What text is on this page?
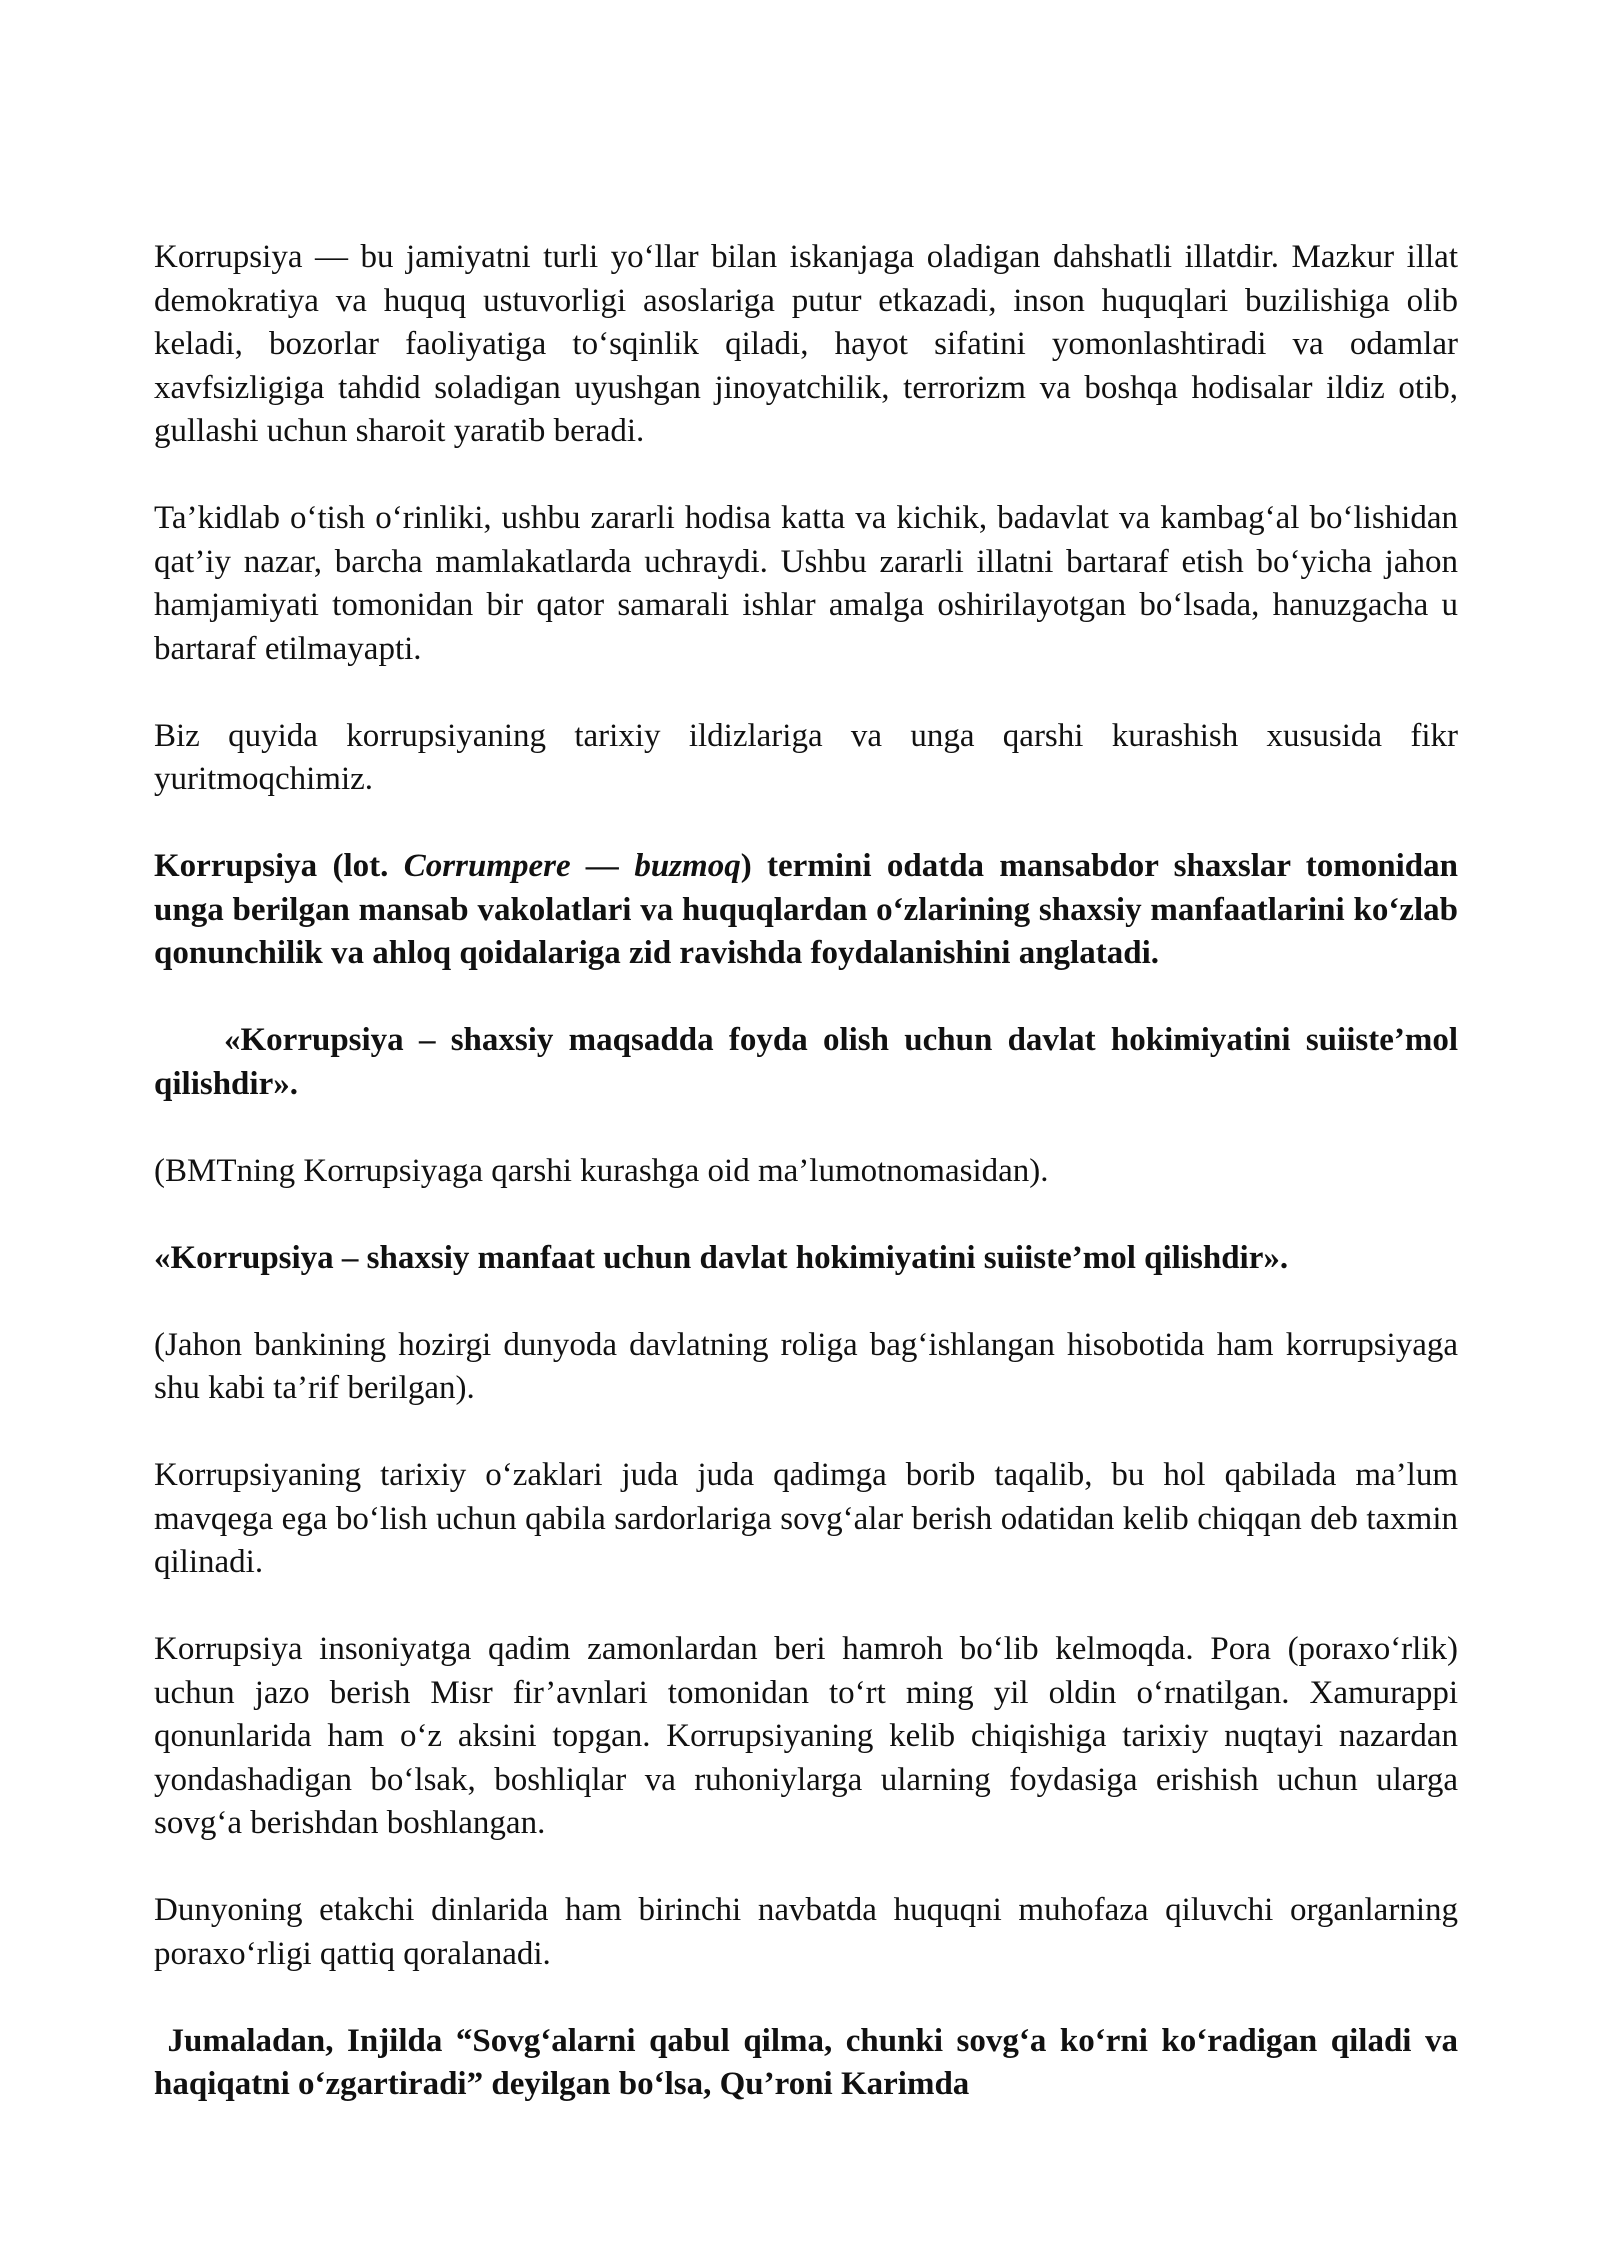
Korrupsiya — bu jamiyatni turli yo‘llar bilan iskanjaga oladigan dahshatli illatdir. Mazkur illat demokratiya va huquq ustuvorligi asoslariga putur etkazadi, inson huquqlari buzilishiga olib keladi, bozorlar faoliyatiga to‘sqinlik qiladi, hayot sifatini yomonlashtiradi va odamlar xavfsizligiga tahdid soladigan uyushgan jinoyatchilik, terrorizm va boshqa hodisalar ildiz otib, gullashi uchun sharoit yaratib beradi.

Ta’kidlab o‘tish o‘rinliki, ushbu zararli hodisa katta va kichik, badavlat va kambag‘al bo‘lishidan qat’iy nazar, barcha mamlakatlarda uchraydi. Ushbu zararli illatni bartaraf etish bo‘yicha jahon hamjamiyati tomonidan bir qator samarali ishlar amalga oshirilayotgan bo‘lsada, hanuzgacha u bartaraf etilmayapti.

Biz quyida korrupsiyaning tarixiy ildizlariga va unga qarshi kurashish xususida fikr yuritmoqchimiz.

Korrupsiya (lot. Corrumpere — buzmoq) termini odatda mansabdor shaxslar tomonidan unga berilgan mansab vakolatlari va huquqlardan o‘zlarining shaxsiy manfaatlarini ko‘zlab qonunchilik va ahloq qoidalariga zid ravishda foydalanishini anglatadi.

«Korrupsiya – shaxsiy maqsadda foyda olish uchun davlat hokimiyatini suiiste’mol qilishdir».

(BMTning Korrupsiyaga qarshi kurashga oid ma’lumotnomasidan).

«Korrupsiya – shaxsiy manfaat uchun davlat hokimiyatini suiiste’mol qilishdir».

(Jahon bankining hozirgi dunyoda davlatning roliga bag‘ishlangan hisobotida ham korrupsiyaga shu kabi ta’rif berilgan).

Korrupsiyaning tarixiy o‘zaklari juda juda qadimga borib taqalib, bu hol qabilada ma’lum mavqega ega bo‘lish uchun qabila sardorlariga sovg‘alar berish odatidan kelib chiqqan deb taxmin qilinadi.

Korrupsiya insoniyatga qadim zamonlardan beri hamroh bo‘lib kelmoqda. Pora (poraxo‘rlik) uchun jazo berish Misr fir’avnlari tomonidan to‘rt ming yil oldin o‘rnatilgan. Xamurappi qonunlarida ham o‘z aksini topgan. Korrupsiyaning kelib chiqishiga tarixiy nuqtayi nazardan yondashadigan bo‘lsak, boshliqlar va ruhoniylarga ularning foydasiga erishish uchun ularga sovg‘a berishdan boshlangan.

Dunyoning etakchi dinlarida ham birinchi navbatda huquqni muhofaza qiluvchi organlarning poraxo‘rligi qattiq qoralanadi.

Jumaladan, Injilda “Sovg‘alarni qabul qilma, chunki sovg‘a ko‘rni ko‘radigan qiladi va haqiqatni o‘zgartiradi” deyilgan bo‘lsa, Qu’roni Karimda
